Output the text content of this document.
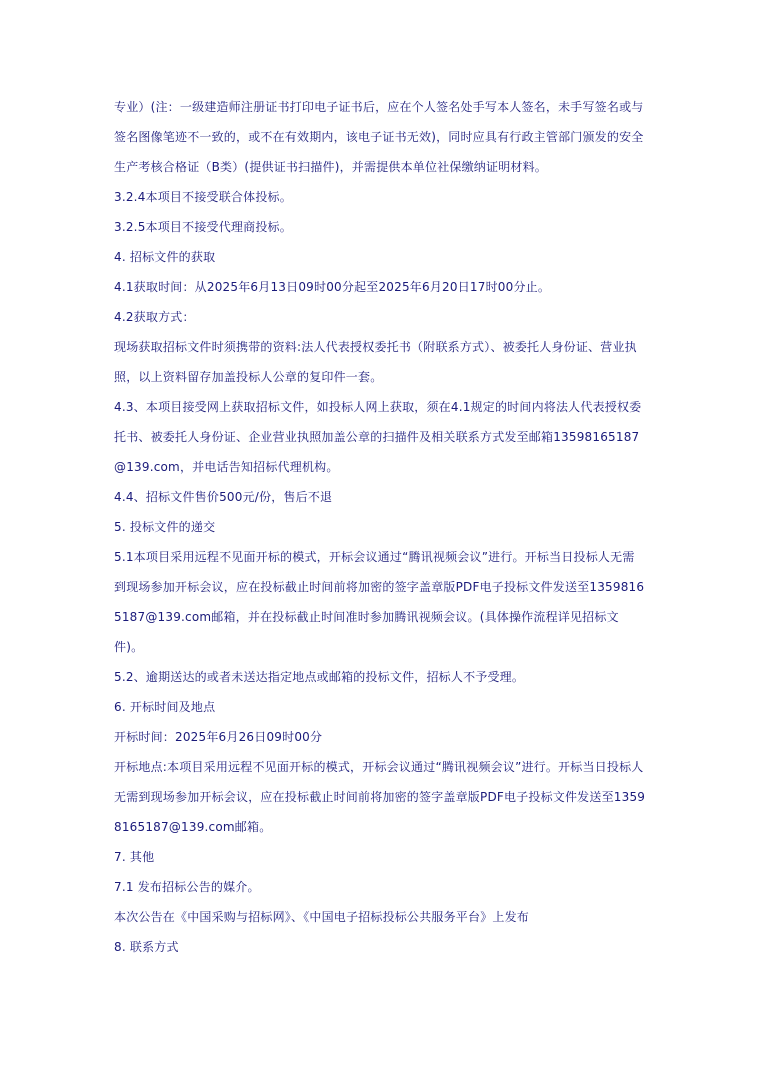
专业）(注：一级建造师注册证书打印电子证书后，应在个人签名处手写本人签名，未手写签名或与签名图像笔迹不一致的，或不在有效期内，该电子证书无效)，同时应具有行政主管部门颁发的安全生产考核合格证（B类）(提供证书扫描件)，并需提供本单位社保缴纳证明材料。

3.2.4本项目不接受联合体投标。

3.2.5本项目不接受代理商投标。

4. 招标文件的获取

4.1获取时间：从2025年6月13日09时00分起至2025年6月20日17时00分止。

4.2获取方式：

现场获取招标文件时须携带的资料:法人代表授权委托书（附联系方式）、被委托人身份证、营业执照，以上资料留存加盖投标人公章的复印件一套。

4.3、本项目接受网上获取招标文件，如投标人网上获取，须在4.1规定的时间内将法人代表授权委托书、被委托人身份证、企业营业执照加盖公章的扫描件及相关联系方式发至邮箱13598165187@139.com，并电话告知招标代理机构。

4.4、招标文件售价500元/份，售后不退

5. 投标文件的递交

5.1本项目采用远程不见面开标的模式，开标会议通过“腾讯视频会议”进行。开标当日投标人无需到现场参加开标会议，应在投标截止时间前将加密的签字盖章版PDF电子投标文件发送至13598165187@139.com邮箱，并在投标截止时间准时参加腾讯视频会议。(具体操作流程详见招标文件)。

5.2、逾期送达的或者未送达指定地点或邮箱的投标文件，招标人不予受理。

6. 开标时间及地点

开标时间：2025年6月26日09时00分

开标地点:本项目采用远程不见面开标的模式，开标会议通过“腾讯视频会议”进行。开标当日投标人无需到现场参加开标会议，应在投标截止时间前将加密的签字盖章版PDF电子投标文件发送至13598165187@139.com邮箱。

7. 其他

7.1 发布招标公告的媒介。

本次公告在《中国采购与招标网》、《中国电子招标投标公共服务平台》上发布

8. 联系方式
